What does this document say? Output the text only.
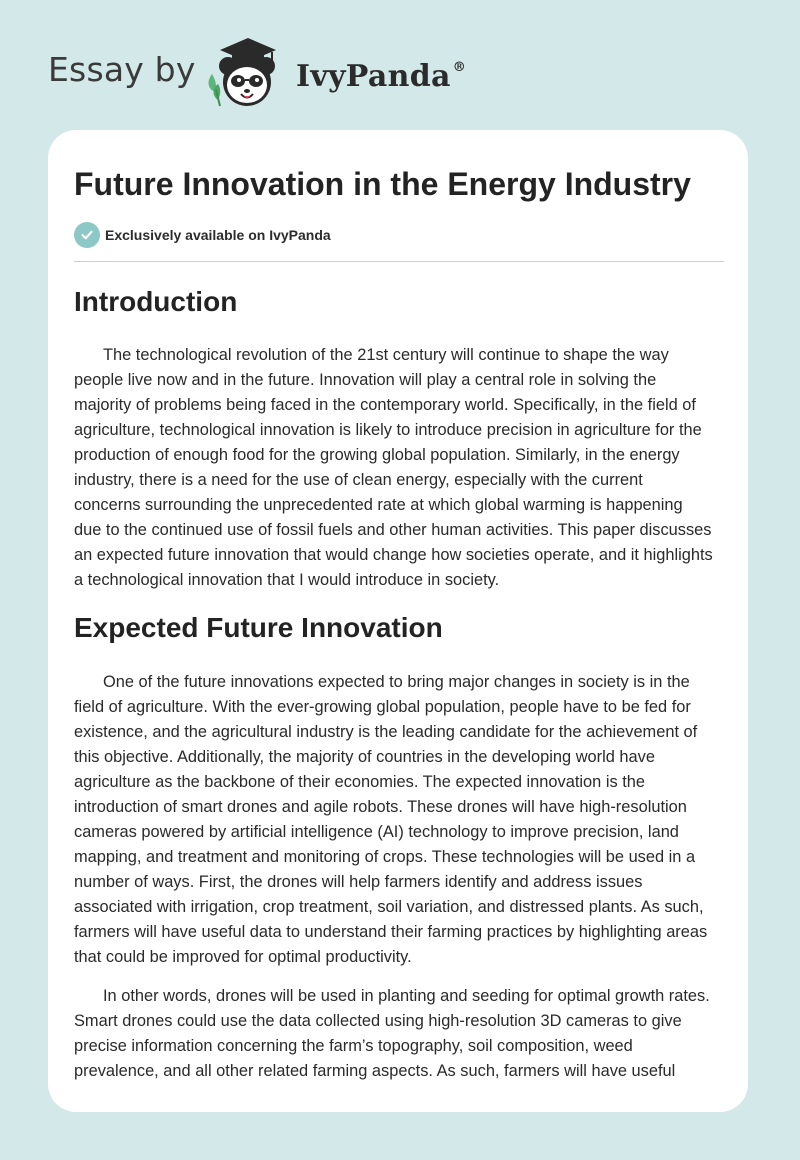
Essay by	IvyPanda ®
Future Innovation in the Energy Industry
Exclusively available on IvyPanda
Introduction

The technological revolution of the 21st century will continue to shape the way

people live now and in the future. Innovation will play a central role in solving the

majority of problems being faced in the contemporary world. Specifically, in the field of

agriculture, technological innovation is likely to introduce precision in agriculture for the

production of enough food for the growing global population. Similarly, in the energy

industry, there is a need for the use of clean energy, especially with the current

concerns surrounding the unprecedented rate at which global warming is happening

due to the continued use of fossil fuels and other human activities. This paper discusses

an expected future innovation that would change how societies operate, and it highlights

a technological innovation that I would introduce in society.

Expected Future Innovation

One of the future innovations expected to bring major changes in society is in the

field of agriculture. With the ever-growing global population, people have to be fed for

existence, and the agricultural industry is the leading candidate for the achievement of

this objective. Additionally, the majority of countries in the developing world have

agriculture as the backbone of their economies. The expected innovation is the

introduction of smart drones and agile robots. These drones will have high-resolution

cameras powered by artificial intelligence (AI) technology to improve precision, land

mapping, and treatment and monitoring of crops. These technologies will be used in a

number of ways. First, the drones will help farmers identify and address issues

associated with irrigation, crop treatment, soil variation, and distressed plants. As such,

farmers will have useful data to understand their farming practices by highlighting areas

that could be improved for optimal productivity.

In other words, drones will be used in planting and seeding for optimal growth rates.

Smart drones could use the data collected using high-resolution 3D cameras to give

precise information concerning the farm’s topography, soil composition, weed

prevalence, and all other related farming aspects. As such, farmers will have useful
